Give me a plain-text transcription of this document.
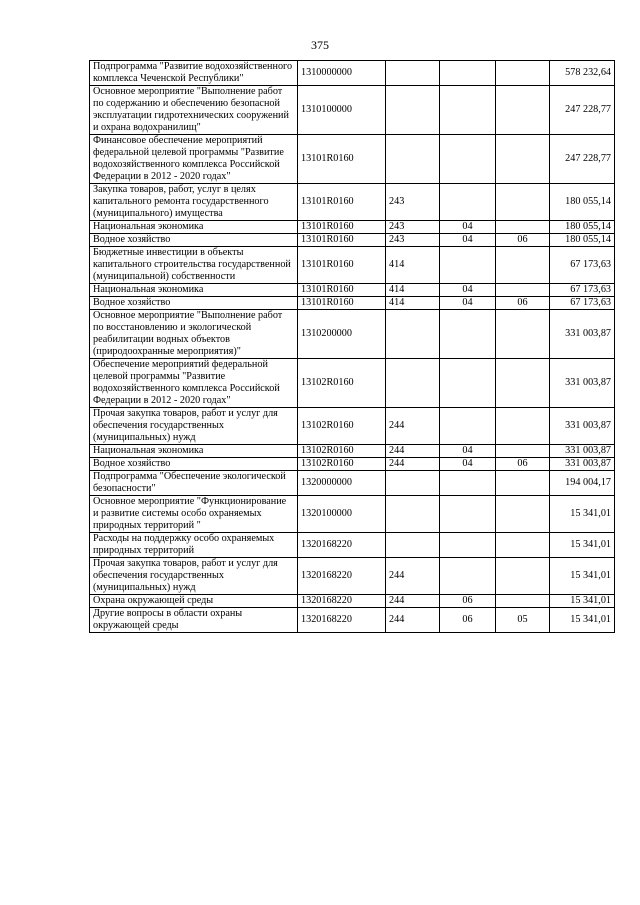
375
Подпрограмма "Развитие водохозяйственного комплекса Чеченской Республики"	1310000000				578 232,64
Основное мероприятие "Выполнение работ по содержанию и обеспечению безопасной эксплуатации гидротехнических сооружений и охрана водохранилищ"	1310100000				247 228,77
Финансовое обеспечение мероприятий федеральной целевой программы "Развитие водохозяйственного комплекса Российской Федерации в 2012 - 2020 годах"	13101R0160				247 228,77
Закупка товаров, работ, услуг в целях капитального ремонта государственного (муниципального) имущества	13101R0160	243			180 055,14
Национальная экономика	13101R0160	243	04		180 055,14
Водное хозяйство	13101R0160	243	04	06	180 055,14
Бюджетные инвестиции в объекты капитального строительства государственной (муниципальной) собственности	13101R0160	414			67 173,63
Национальная экономика	13101R0160	414	04		67 173,63
Водное хозяйство	13101R0160	414	04	06	67 173,63
Основное мероприятие "Выполнение работ по восстановлению и экологической реабилитации водных объектов (природоохранные мероприятия)"	1310200000				331 003,87
Обеспечение мероприятий федеральной целевой программы "Развитие водохозяйственного комплекса Российской Федерации в 2012 - 2020 годах"	13102R0160				331 003,87
Прочая закупка товаров, работ и услуг для обеспечения государственных (муниципальных) нужд	13102R0160	244			331 003,87
Национальная экономика	13102R0160	244	04		331 003,87
Водное хозяйство	13102R0160	244	04	06	331 003,87
Подпрограмма "Обеспечение экологической безопасности"	1320000000				194 004,17
Основное мероприятие "Функционирование и развитие системы особо охраняемых природных территорий "	1320100000				15 341,01
Расходы на поддержку особо охраняемых природных территорий	1320168220				15 341,01
Прочая закупка товаров, работ и услуг для обеспечения государственных (муниципальных) нужд	1320168220	244			15 341,01
Охрана окружающей среды	1320168220	244	06		15 341,01
Другие вопросы в области охраны окружающей среды	1320168220	244	06	05	15 341,01
